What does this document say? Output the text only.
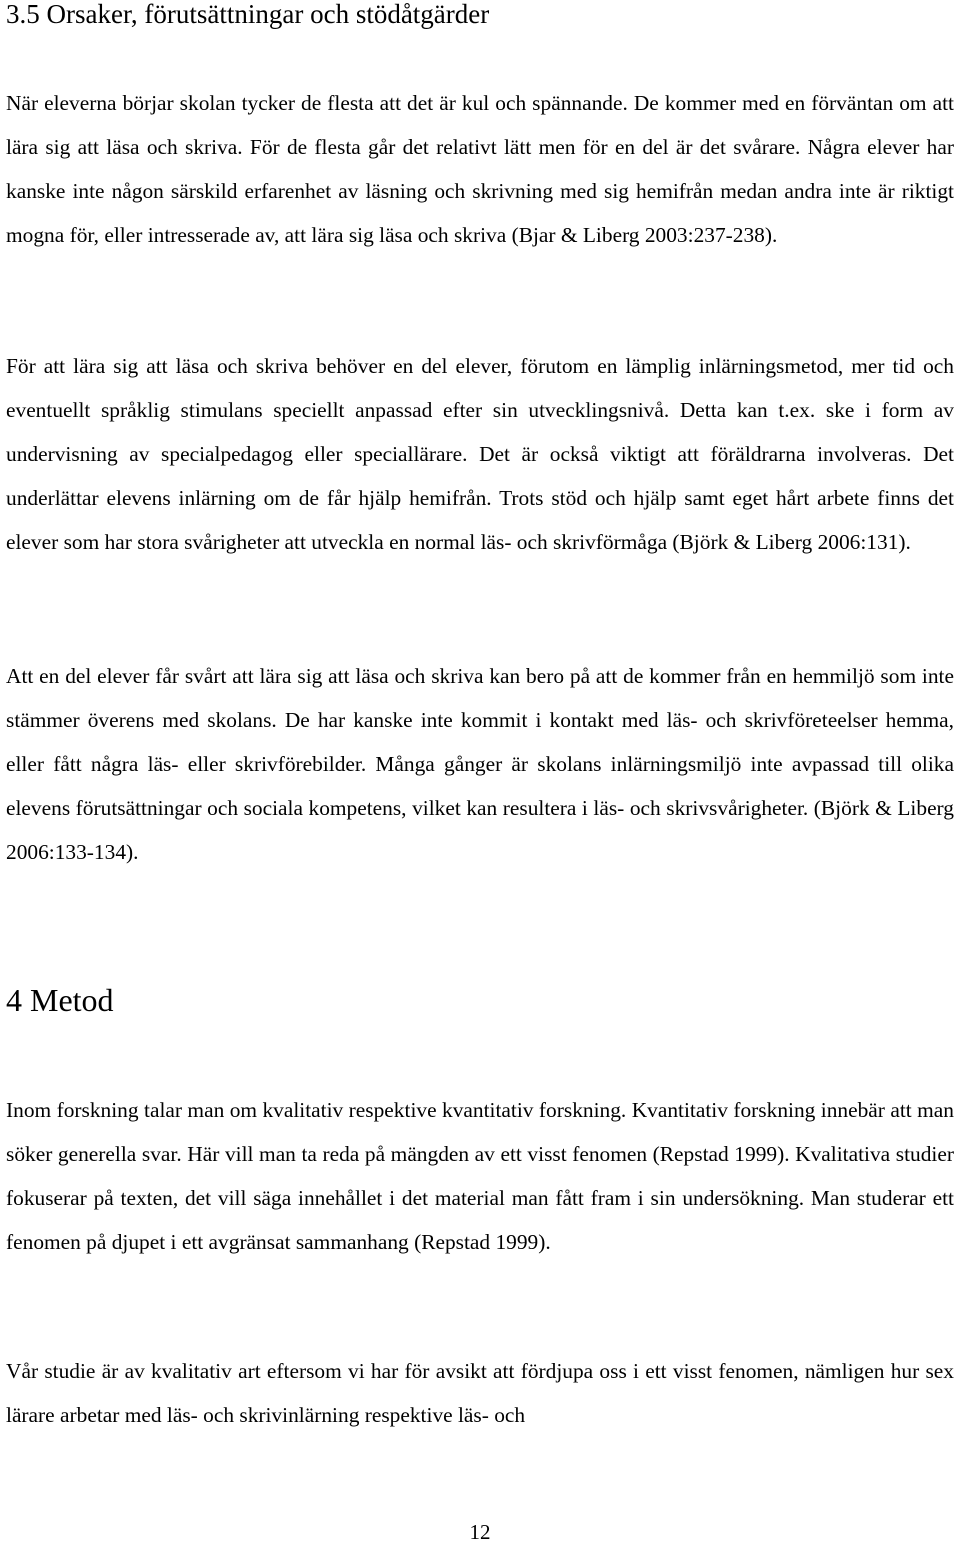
3.5 Orsaker, förutsättningar och stödåtgärder

När eleverna börjar skolan tycker de flesta att det är kul och spännande. De kommer med en förväntan om att lära sig att läsa och skriva. För de flesta går det relativt lätt men för en del är det svårare. Några elever har kanske inte någon särskild erfarenhet av läsning och skrivning med sig hemifrån medan andra inte är riktigt mogna för, eller intresserade av, att lära sig läsa och skriva (Bjar & Liberg 2003:237-238).

För att lära sig att läsa och skriva behöver en del elever, förutom en lämplig inlärningsmetod, mer tid och eventuellt språklig stimulans speciellt anpassad efter sin utvecklingsnivå. Detta kan t.ex. ske i form av undervisning av specialpedagog eller speciallärare. Det är också viktigt att föräldrarna involveras. Det underlättar elevens inlärning om de får hjälp hemifrån. Trots stöd och hjälp samt eget hårt arbete finns det elever som har stora svårigheter att utveckla en normal läs- och skrivförmåga (Björk & Liberg 2006:131).

Att en del elever får svårt att lära sig att läsa och skriva kan bero på att de kommer från en hemmiljö som inte stämmer överens med skolans. De har kanske inte kommit i kontakt med läs- och skrivföreteelser hemma, eller fått några läs- eller skrivförebilder. Många gånger är skolans inlärningsmiljö inte avpassad till olika elevens förutsättningar och sociala kompetens, vilket kan resultera i läs- och skrivsvårigheter. (Björk & Liberg 2006:133-134).

4 Metod

Inom forskning talar man om kvalitativ respektive kvantitativ forskning. Kvantitativ forskning innebär att man söker generella svar. Här vill man ta reda på mängden av ett visst fenomen (Repstad 1999). Kvalitativa studier fokuserar på texten, det vill säga innehållet i det material man fått fram i sin undersökning. Man studerar ett fenomen på djupet i ett avgränsat sammanhang (Repstad 1999).

Vår studie är av kvalitativ art eftersom vi har för avsikt att fördjupa oss i ett visst fenomen, nämligen hur sex lärare arbetar med läs- och skrivinlärning respektive läs- och

12
